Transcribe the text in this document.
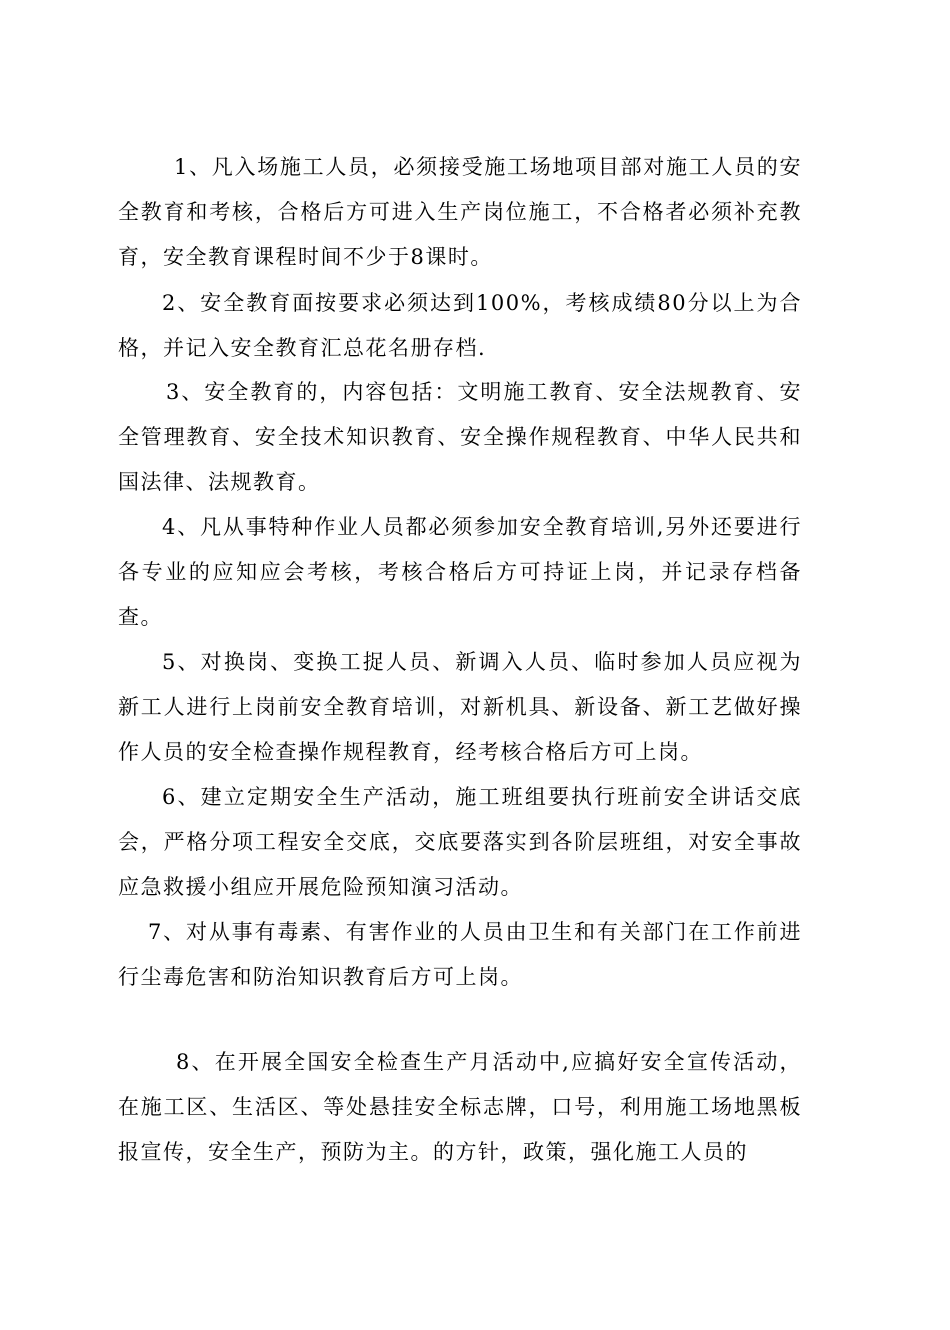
1、凡入场施工人员，必须接受施工场地项目部对施工人员的安全教育和考核，合格后方可进入生产岗位施工，不合格者必须补充教育，安全教育课程时间不少于8课时。

2、安全教育面按要求必须达到100%，考核成绩80分以上为合格，并记入安全教育汇总花名册存档.

3、安全教育的，内容包括：文明施工教育、安全法规教育、安全管理教育、安全技术知识教育、安全操作规程教育、中华人民共和国法律、法规教育。

4、凡从事特种作业人员都必须参加安全教育培训,另外还要进行各专业的应知应会考核，考核合格后方可持证上岗，并记录存档备查。

5、对换岗、变换工捉人员、新调入人员、临时参加人员应视为新工人进行上岗前安全教育培训，对新机具、新设备、新工艺做好操作人员的安全检查操作规程教育，经考核合格后方可上岗。

6、建立定期安全生产活动，施工班组要执行班前安全讲话交底会，严格分项工程安全交底，交底要落实到各阶层班组，对安全事故应急救援小组应开展危险预知演习活动。

7、对从事有毒素、有害作业的人员由卫生和有关部门在工作前进行尘毒危害和防治知识教育后方可上岗。

8、在开展全国安全检查生产月活动中,应搞好安全宣传活动，在施工区、生活区、等处悬挂安全标志牌，口号，利用施工场地黑板报宣传，安全生产，预防为主。的方针，政策，强化施工人员的
